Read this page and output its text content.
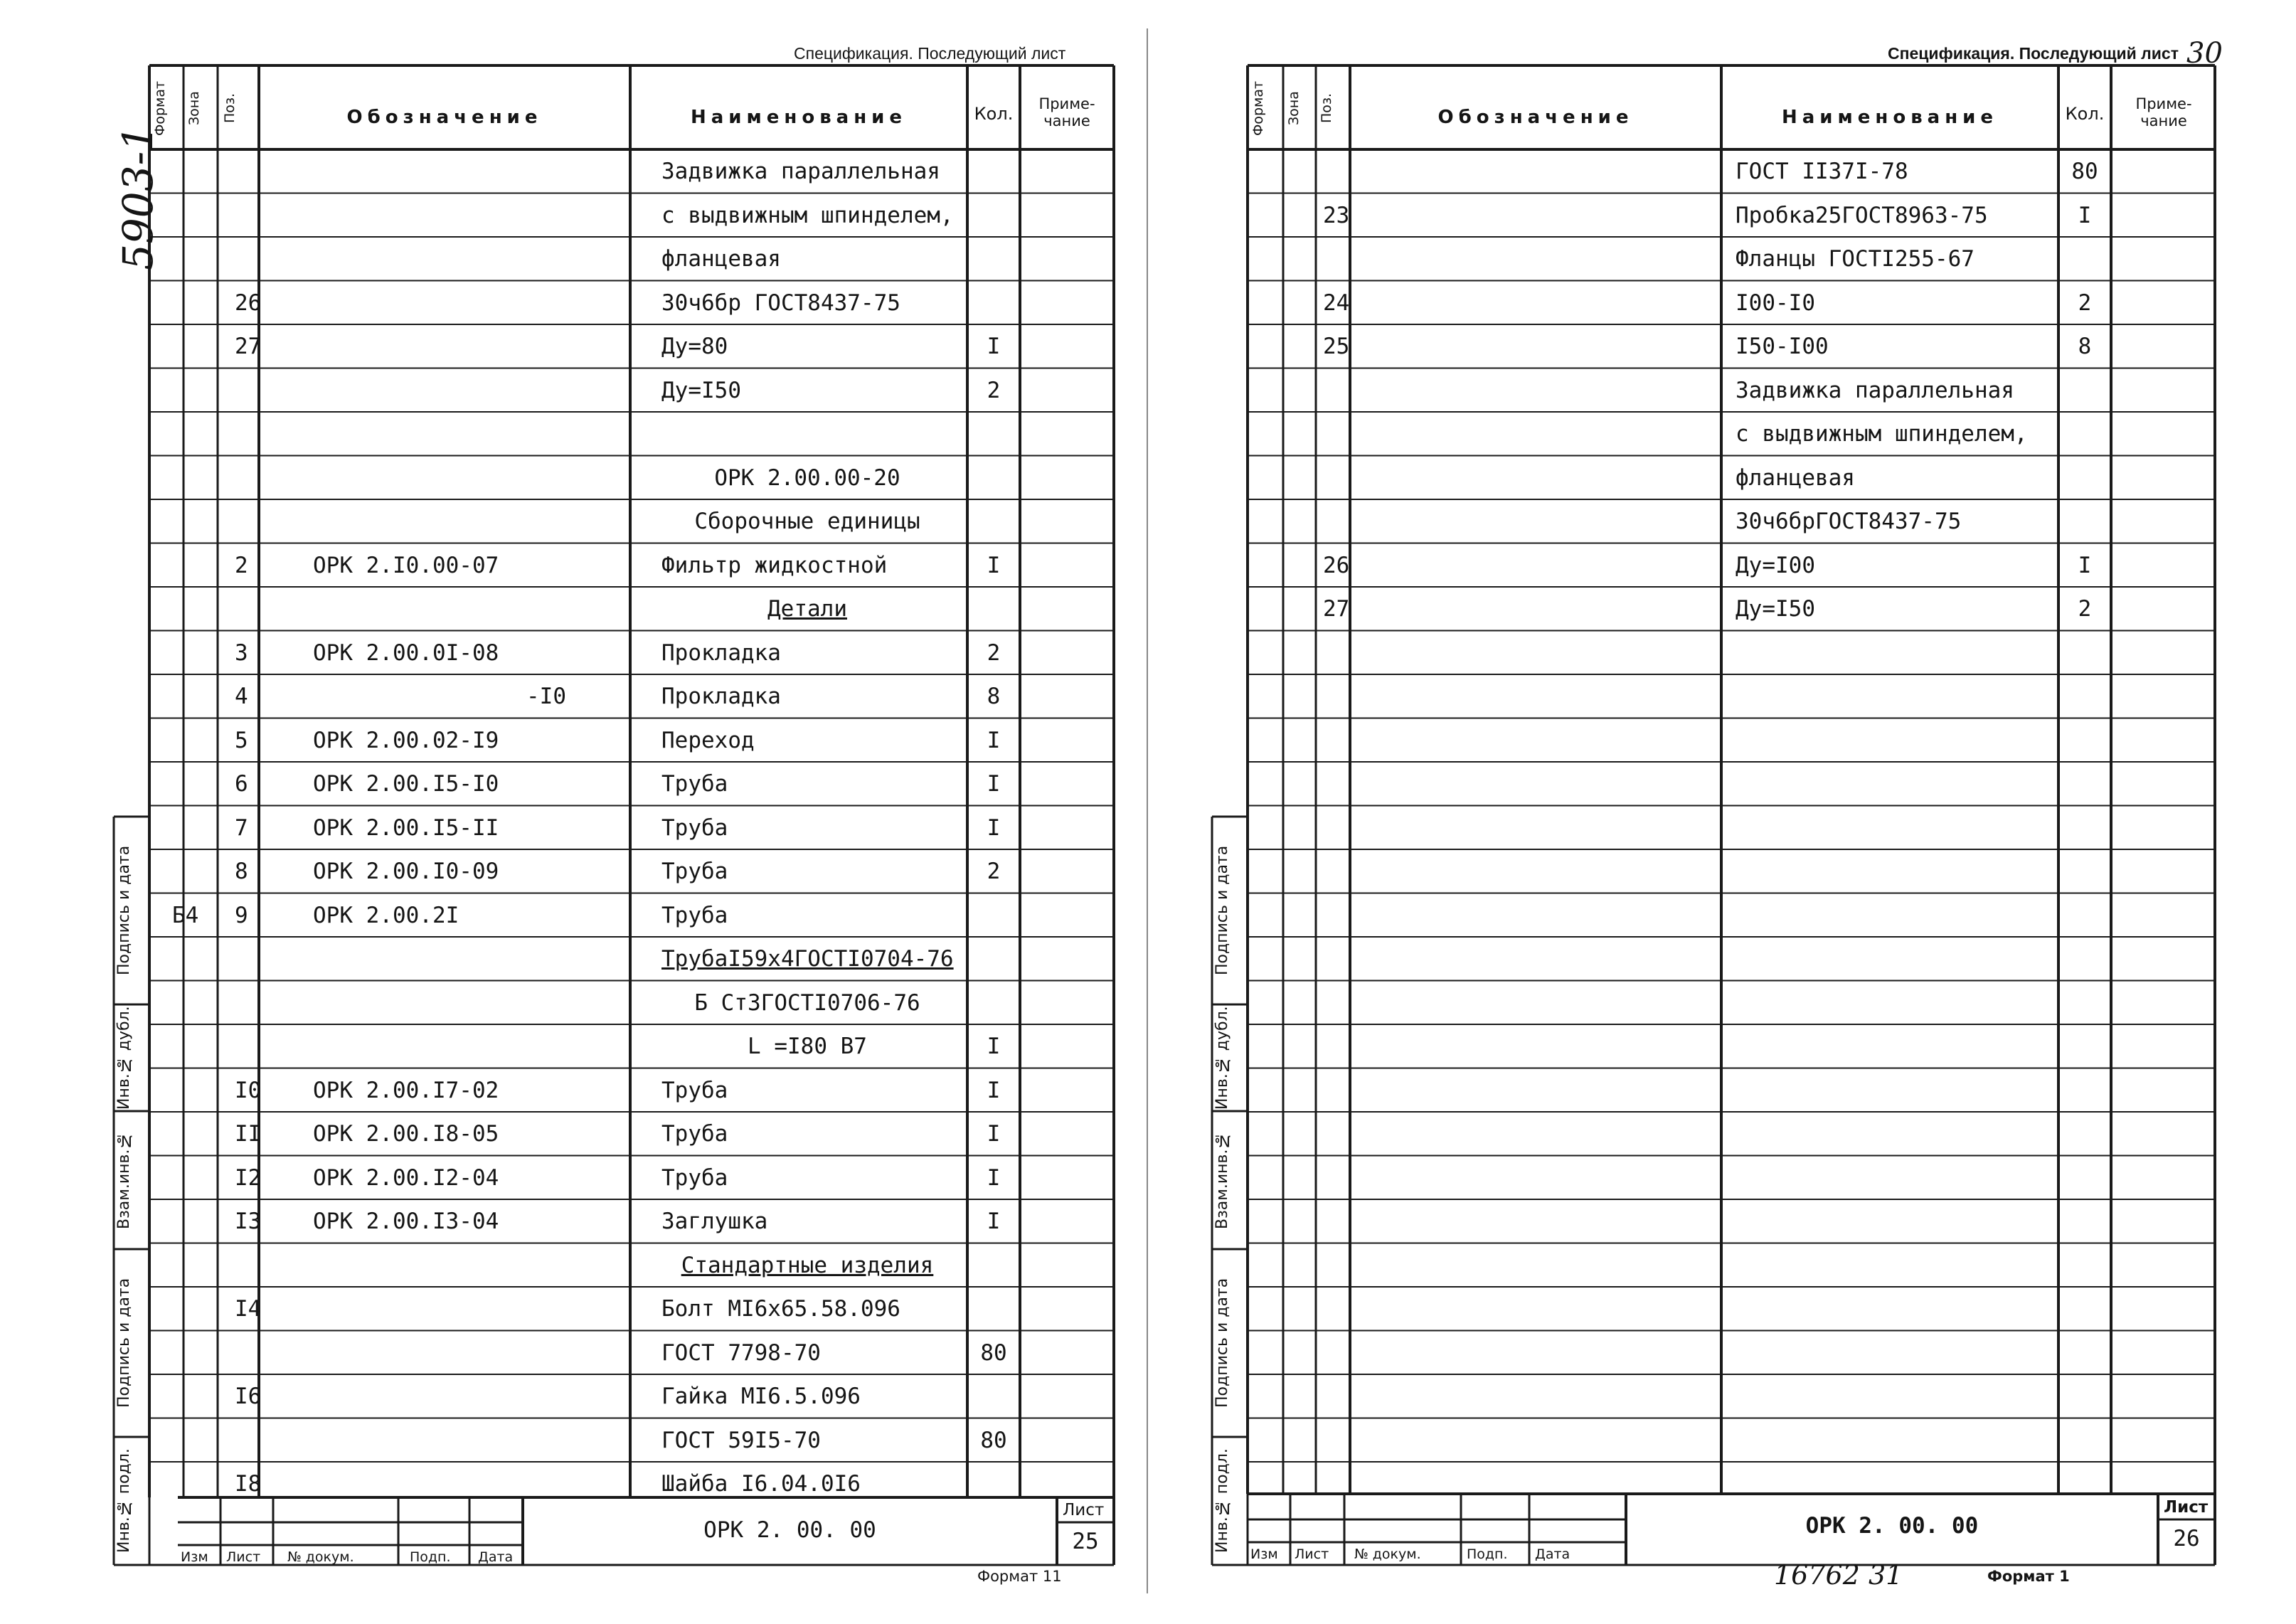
Спецификация. Последующий лист
5903-1
Формат	Зона	Поз.	Обозначение	Наименование	Кол.	Приме-чание
Задвижка параллельная
с выдвижным шпинделем,
фланцевая
26	30ч6бр ГОСТ8437-75
27	Ду=80	I
Ду=I50	2
ОРК 2.00.00-20
Сборочные единицы
2	ОРК 2.I0.00-07	Фильтр жидкостной	I
Детали
3	ОРК 2.00.0I-08	Прокладка	2
4	-I0	Прокладка	8
5	ОРК 2.00.02-I9	Переход	I
6	ОРК 2.00.I5-I0	Труба	I
7	ОРК 2.00.I5-II	Труба	I
8	ОРК 2.00.I0-09	Труба	2
Б4 9	ОРК 2.00.2I	Труба
ТрубаI59х4ГОСТI0704-76
Б Ст3ГОСТI0706-76
L =I80 В7	I
I0 ОРК 2.00.I7-02	Труба	I
II ОРК 2.00.I8-05	Труба	I
I2 ОРК 2.00.I2-04	Труба	I
I3 ОРК 2.00.I3-04	Заглушка	I
Стандартные изделия
I4	Болт МI6х65.58.096
ГОСТ 7798-70	80
I6	Гайка МI6.5.096
ГОСТ 59I5-70	80
I8	Шайба I6.04.0I6
Подпись и дата
Инв.№ дубл.
Взам.инв.№
Подпись и дата
Инв.№ подл.	ОРК 2. 00. 00
Лист
25
Изм Лист № докум.	Подп. Дата
Формат 11
Спецификация. Последующий лист 30
Формат	Зона	Поз.	Обозначение	Наименование	Кол.	Приме-чание
ГОСТ II37I-78	80
23	Пробка25ГОСТ8963-75	I
Фланцы ГОСТI255-67
24	I00-I0	2
25	I50-I00	8
Задвижка параллельная
с выдвижным шпинделем,
фланцевая
30ч6брГОСТ8437-75
26	Ду=I00	I
27	Ду=I50	2
Подпись и дата
Инв.№ дубл.
Взам.инв.№
Подпись и дата
Инв.№ подл.	ОРК 2. 00. 00
Лист
26
Изм Лист № докум.	Подп. Дата
16762 31	Формат 1
